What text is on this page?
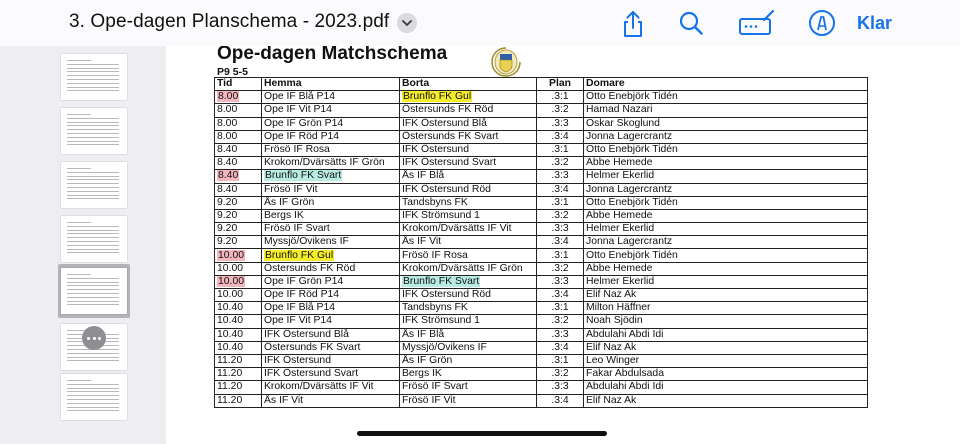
3. Ope-dagen Planschema - 2023.pdf	Klar
Ope-dagen Matchschema
P9 5-5
Tid	Hemma	Borta	Plan	Domare
8.00	Ope IF Blå P14	Brunflo FK Gul	.3:1	Otto Enebjörk Tidén
8.00	Ope IF Vit P14	Östersunds FK Röd	.3:2	Hamad Nazari
8.00	Ope IF Grön P14	IFK Östersund Blå	.3:3	Oskar Skoglund
8.00	Ope IF Röd P14	Östersunds FK Svart	.3:4	Jonna Lagercrantz
8.40	Frösö IF Rosa	IFK Östersund	.3:1	Otto Enebjörk Tidén
8.40	Krokom/Dvärsätts IF Grön	IFK Östersund Svart	.3:2	Abbe Hemede
8.40	Brunflo FK Svart	Ås IF Blå	.3:3	Helmer Ekerlid
8.40	Frösö IF Vit	IFK Östersund Röd	.3:4	Jonna Lagercrantz
9.20	Ås IF Grön	Tandsbyns FK	.3:1	Otto Enebjörk Tidén
9.20	Bergs IK	IFK Strömsund 1	.3:2	Abbe Hemede
9.20	Frösö IF Svart	Krokom/Dvärsätts IF Vit	.3:3	Helmer Ekerlid
9.20	Myssjö/Ovikens IF	Ås IF Vit	.3:4	Jonna Lagercrantz
10.00	Brunflo FK Gul	Frösö IF Rosa	.3:1	Otto Enebjörk Tidén
10.00	Östersunds FK Röd	Krokom/Dvärsätts IF Grön	.3:2	Abbe Hemede
10.00	Ope IF Grön P14	Brunflo FK Svart	.3:3	Helmer Ekerlid
10.00	Ope IF Röd P14	IFK Östersund Röd	.3:4	Elif Naz Ak
10.40	Ope IF Blå P14	Tandsbyns FK	.3:1	Milton Häffner
10.40	Ope IF Vit P14	IFK Strömsund 1	.3:2	Noah Sjödin
10.40	IFK Östersund Blå	Ås IF Blå	.3:3	Abdulahi Abdi Idi
10.40	Östersunds FK Svart	Myssjö/Ovikens IF	.3:4	Elif Naz Ak
11.20	IFK Östersund	Ås IF Grön	.3:1	Leo Winger
11.20	IFK Östersund Svart	Bergs IK	.3:2	Fakar Abdulsada
11.20	Krokom/Dvärsätts IF Vit	Frösö IF Svart	.3:3	Abdulahi Abdi Idi
11.20	Ås IF Vit	Frösö IF Vit	.3:4	Elif Naz Ak
